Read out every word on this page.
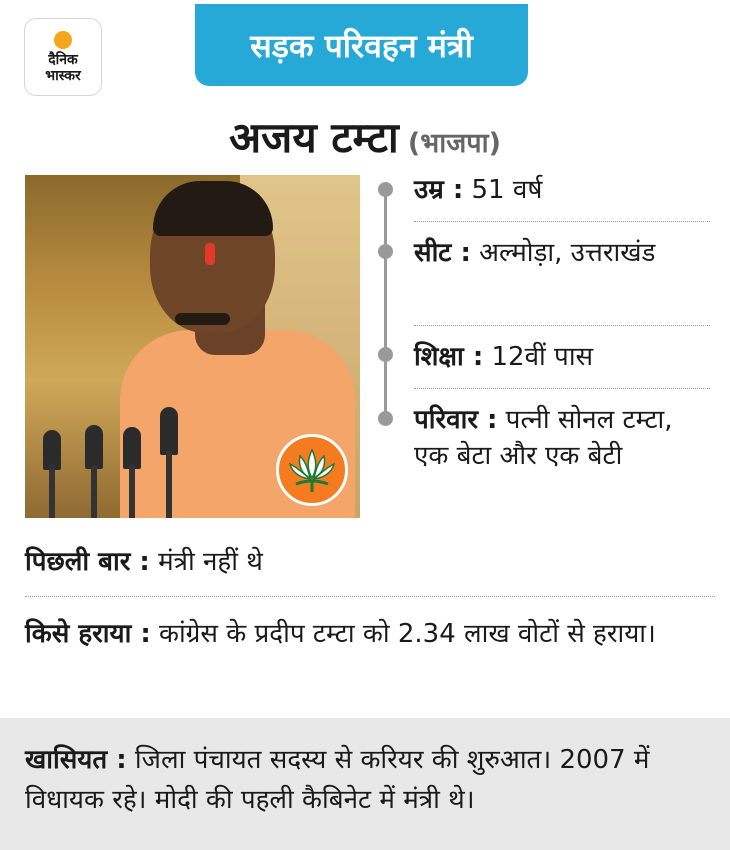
दैनिक
भास्कर
सड़क परिवहन मंत्री
अजय टम्टा (भाजपा)
उम्र : 51 वर्ष
सीट : अल्मोड़ा, उत्तराखंड
शिक्षा : 12वीं पास
परिवार : पत्नी सोनल टम्टा, एक बेटा और एक बेटी
पिछली बार : मंत्री नहीं थे
किसे हराया : कांग्रेस के प्रदीप टम्टा को 2.34 लाख वोटों से हराया।
खासियत : जिला पंचायत सदस्य से करियर की शुरुआत। 2007 में विधायक रहे। मोदी की पहली कैबिनेट में मंत्री थे।
